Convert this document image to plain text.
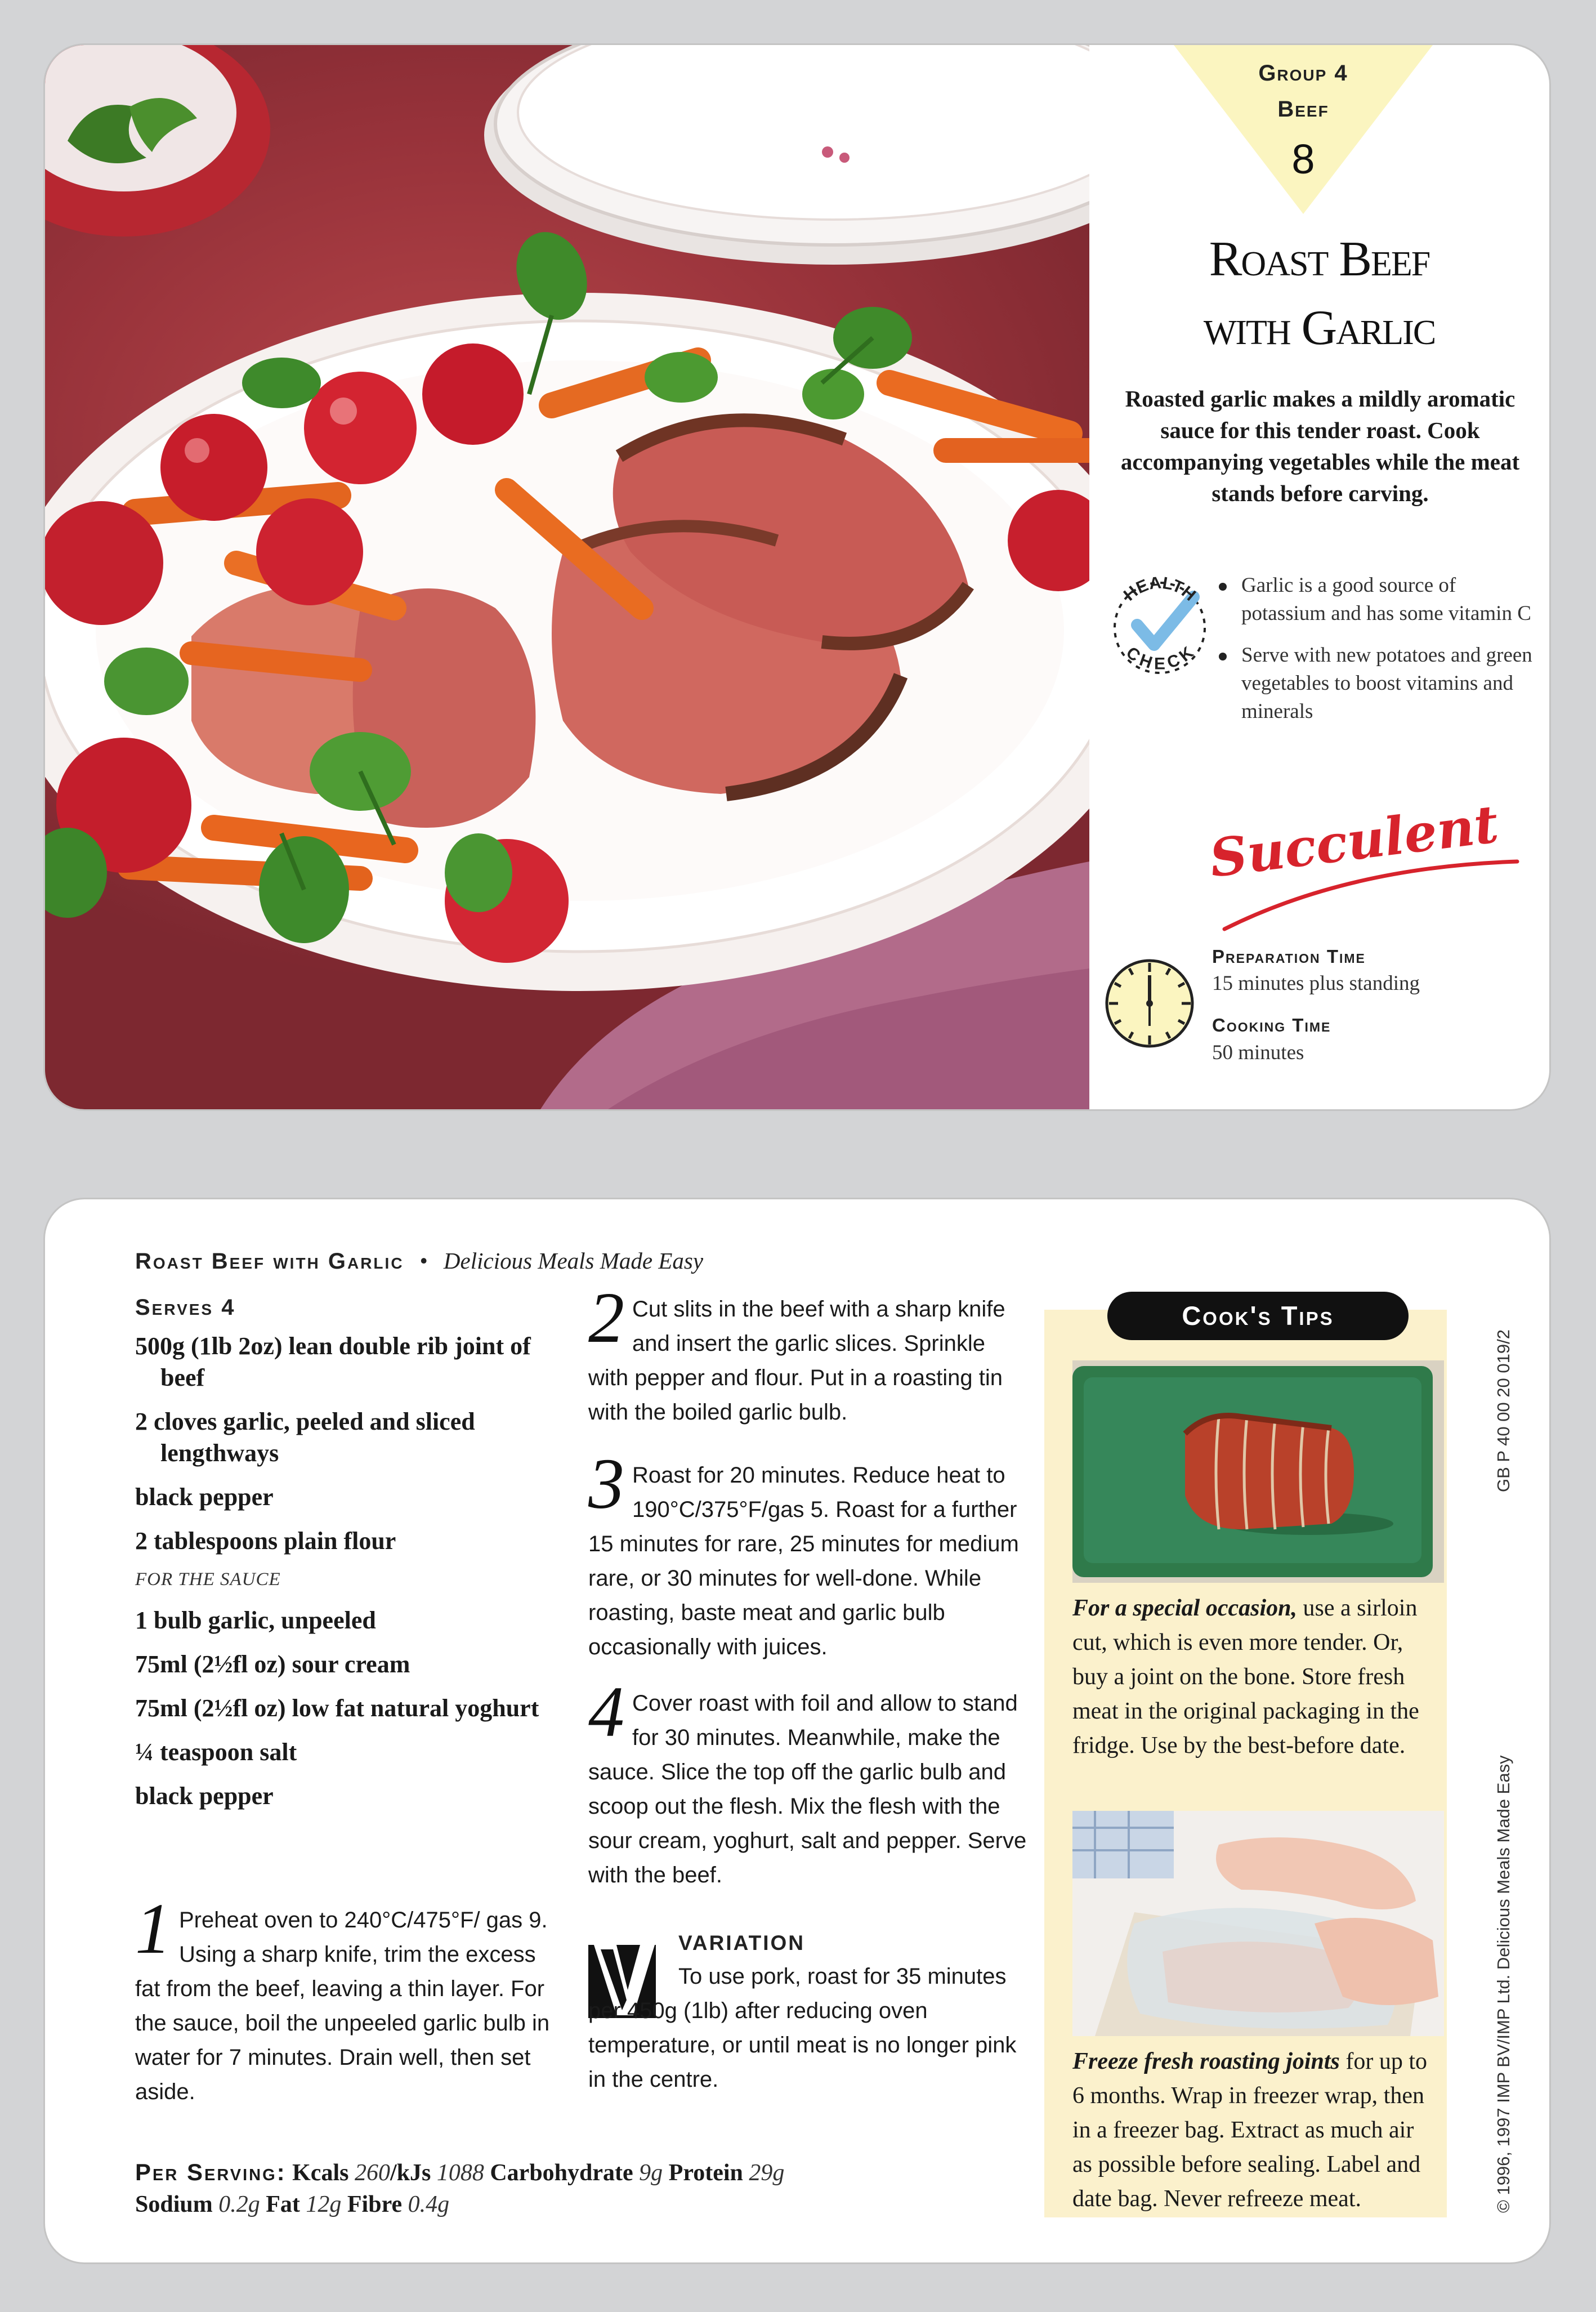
Group 4
Beef
8
Roast Beef
with Garlic
Roasted garlic makes a mildly aromatic sauce for this tender roast. Cook accompanying vegetables while the meat stands before carving.
HEALTH
CHECK
Garlic is a good source of potassium and has some vitamin C
Serve with new potatoes and green vegetables to boost vitamins and minerals
Succulent
Preparation Time
15 minutes plus standing
Cooking Time
50 minutes
Roast Beef with Garlic • Delicious Meals Made Easy
Serves 4
500g (1lb 2oz) lean double rib joint of beef
2 cloves garlic, peeled and sliced lengthways
black pepper
2 tablespoons plain flour
FOR THE SAUCE
1 bulb garlic, unpeeled
75ml (2½fl oz) sour cream
75ml (2½fl oz) low fat natural yoghurt
¼ teaspoon salt
black pepper
1 Preheat oven to 240°C/475°F/ gas 9. Using a sharp knife, trim the excess fat from the beef, leaving a thin layer. For the sauce, boil the unpeeled garlic bulb in water for 7 minutes. Drain well, then set aside.
2 Cut slits in the beef with a sharp knife and insert the garlic slices. Sprinkle with pepper and flour. Put in a roasting tin with the boiled garlic bulb.
3 Roast for 20 minutes. Reduce heat to 190°C/375°F/gas 5. Roast for a further 15 minutes for rare, 25 minutes for medium rare, or 30 minutes for well-done. While roasting, baste meat and garlic bulb occasionally with juices.
4 Cover roast with foil and allow to stand for 30 minutes. Meanwhile, make the sauce. Slice the top off the garlic bulb and scoop out the flesh. Mix the flesh with the sour cream, yoghurt, salt and pepper. Serve with the beef.
VARIATION
To use pork, roast for 35 minutes per 450g (1lb) after reducing oven temperature, or until meat is no longer pink in the centre.
Per Serving: Kcals 260/kJs 1088 Carbohydrate 9g Protein 29g
Sodium 0.2g Fat 12g Fibre 0.4g
Cook's Tips
For a special occasion, use a sirloin cut, which is even more tender. Or, buy a joint on the bone. Store fresh meat in the original packaging in the fridge. Use by the best-before date.
Freeze fresh roasting joints for up to 6 months. Wrap in freezer wrap, then in a freezer bag. Extract as much air as possible before sealing. Label and date bag. Never refreeze meat.
GB P 40 00 20 019/2
© 1996, 1997 IMP BV/IMP Ltd. Delicious Meals Made Easy
